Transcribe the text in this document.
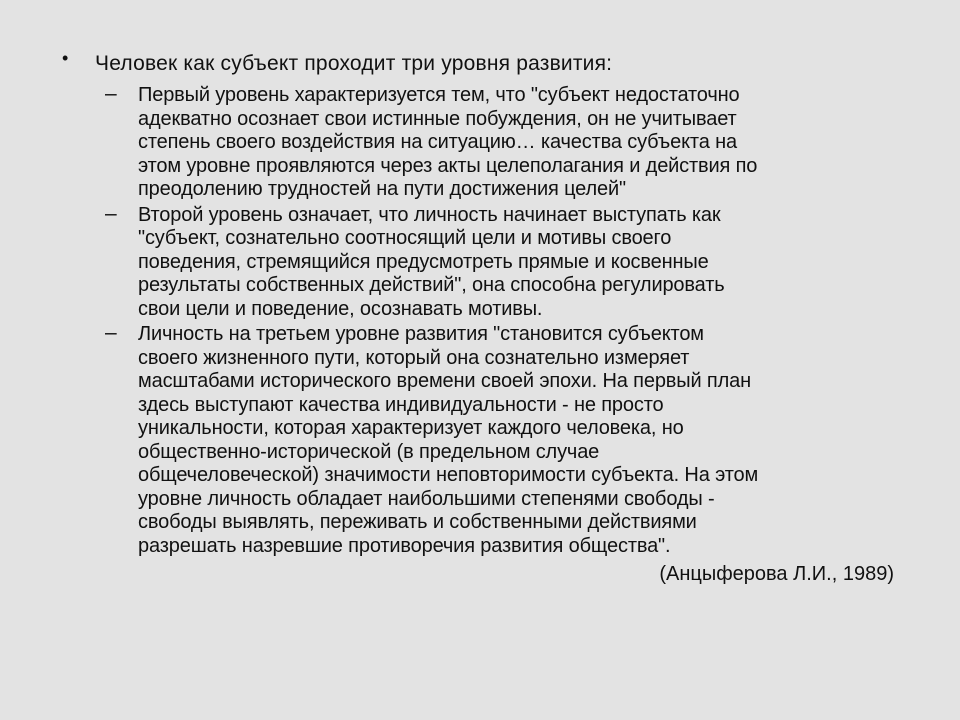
• Человек как субъект проходит три уровня развития:
– Первый уровень характеризуется тем, что "субъект недостаточно
адекватно осознает свои истинные побуждения, он не учитывает
степень своего воздействия на ситуацию… качества субъекта на
этом уровне проявляются через акты целеполагания и действия по
преодолению трудностей на пути достижения целей"
– Второй уровень означает, что личность начинает выступать как
"субъект, сознательно соотносящий цели и мотивы своего
поведения, стремящийся предусмотреть прямые и косвенные
результаты собственных действий", она способна регулировать
свои цели и поведение, осознавать мотивы.
– Личность на третьем уровне развития "становится субъектом
своего жизненного пути, который она сознательно измеряет
масштабами исторического времени своей эпохи. На первый план
здесь выступают качества индивидуальности - не просто
уникальности, которая характеризует каждого человека, но
общественно-исторической (в предельном случае
общечеловеческой) значимости неповторимости субъекта. На этом
уровне личность обладает наибольшими степенями свободы -
свободы выявлять, переживать и собственными действиями
разрешать назревшие противоречия развития общества".
(Анцыферова Л.И., 1989)
